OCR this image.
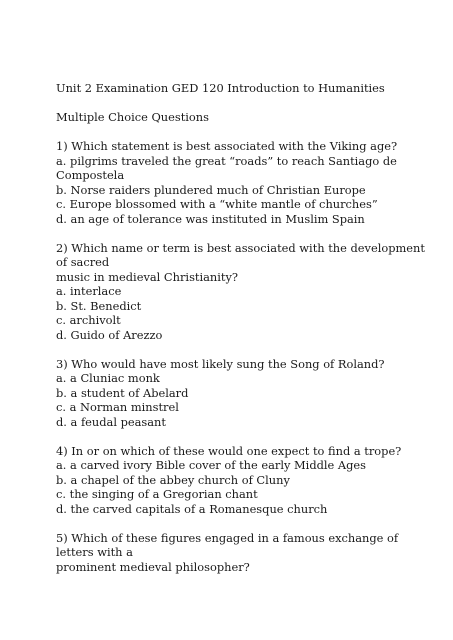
Unit 2 Examination GED 120 Introduction to Humanities
Multiple Choice Questions
1) Which statement is best associated with the Viking age?
a. pilgrims traveled the great “roads” to reach Santiago de
Compostela
b. Norse raiders plundered much of Christian Europe
c. Europe blossomed with a “white mantle of churches”
d. an age of tolerance was instituted in Muslim Spain
2) Which name or term is best associated with the development
of sacred
music in medieval Christianity?
a. interlace
b. St. Benedict
c. archivolt
d. Guido of Arezzo
3) Who would have most likely sung the Song of Roland?
a. a Cluniac monk
b. a student of Abelard
c. a Norman minstrel
d. a feudal peasant
4) In or on which of these would one expect to find a trope?
a. a carved ivory Bible cover of the early Middle Ages
b. a chapel of the abbey church of Cluny
c. the singing of a Gregorian chant
d. the carved capitals of a Romanesque church
5) Which of these figures engaged in a famous exchange of
letters with a
prominent medieval philosopher?
